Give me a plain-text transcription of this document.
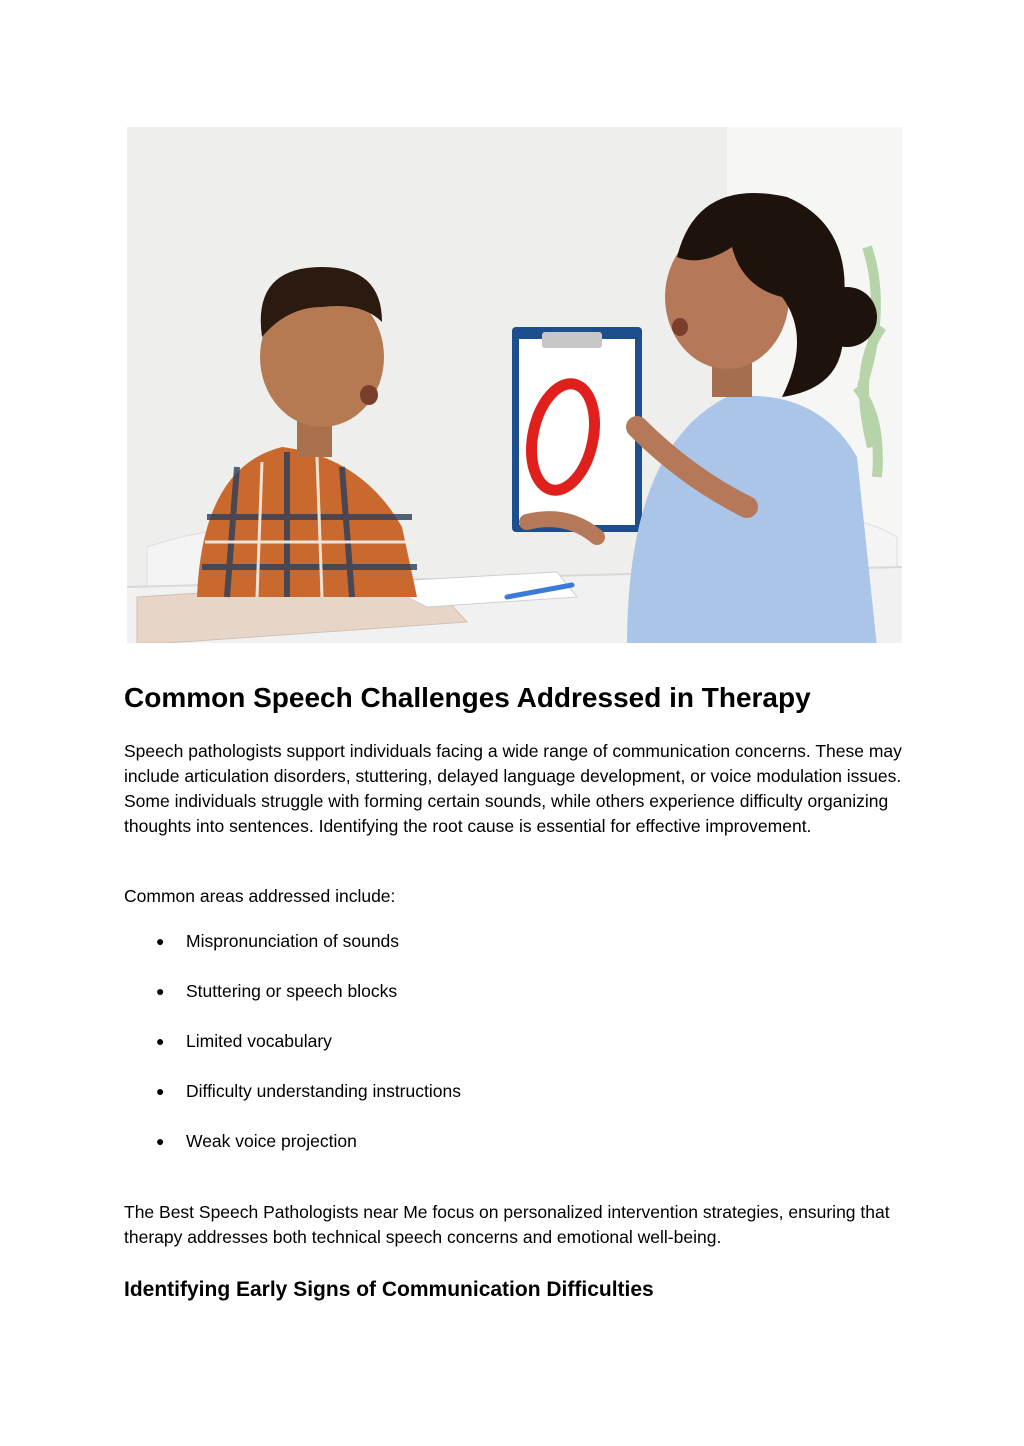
Common Speech Challenges Addressed in Therapy

Speech pathologists support individuals facing a wide range of communication concerns. These may include articulation disorders, stuttering, delayed language development, or voice modulation issues. Some individuals struggle with forming certain sounds, while others experience difficulty organizing thoughts into sentences. Identifying the root cause is essential for effective improvement.

Common areas addressed include:

● Mispronunciation of sounds
● Stuttering or speech blocks
● Limited vocabulary
● Difficulty understanding instructions
● Weak voice projection

The Best Speech Pathologists near Me focus on personalized intervention strategies, ensuring that therapy addresses both technical speech concerns and emotional well-being.

Identifying Early Signs of Communication Difficulties
